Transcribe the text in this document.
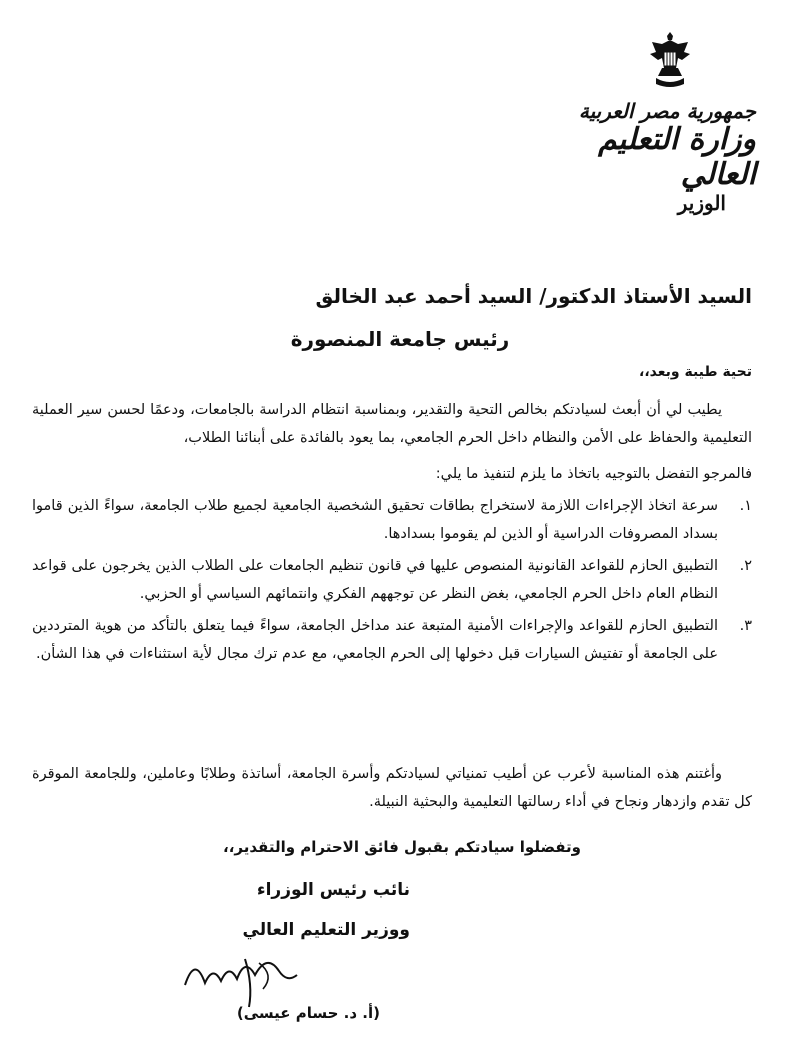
جمهورية مصر العربية
وزارة التعليم العالي
الوزير
السيد الأستاذ الدكتور/ السيد أحمد عبد الخالق
رئيس جامعة المنصورة
تحية طيبة وبعد،،
يطيب لي أن أبعث لسيادتكم بخالص التحية والتقدير، وبمناسبة انتظام الدراسة بالجامعات، ودعمًا لحسن سير العملية التعليمية والحفاظ على الأمن والنظام داخل الحرم الجامعي، بما يعود بالفائدة على أبنائنا الطلاب،
فالمرجو التفضل بالتوجيه باتخاذ ما يلزم لتنفيذ ما يلي:
١.
سرعة اتخاذ الإجراءات اللازمة لاستخراج بطاقات تحقيق الشخصية الجامعية لجميع طلاب الجامعة، سواءً الذين قاموا بسداد المصروفات الدراسية أو الذين لم يقوموا بسدادها.
٢.
التطبيق الحازم للقواعد القانونية المنصوص عليها في قانون تنظيم الجامعات على الطلاب الذين يخرجون على قواعد النظام العام داخل الحرم الجامعي، بغض النظر عن توجههم الفكري وانتمائهم السياسي أو الحزبي.
٣.
التطبيق الحازم للقواعد والإجراءات الأمنية المتبعة عند مداخل الجامعة، سواءً فيما يتعلق بالتأكد من هوية المترددين على الجامعة أو تفتيش السيارات قبل دخولها إلى الحرم الجامعي، مع عدم ترك مجال لأية استثناءات في هذا الشأن.
وأغتنم هذه المناسبة لأعرب عن أطيب تمنياتي لسيادتكم وأسرة الجامعة، أساتذة وطلابًا وعاملين، وللجامعة الموقرة كل تقدم وازدهار ونجاح في أداء رسالتها التعليمية والبحثية النبيلة.
وتفضلوا سيادتكم بقبول فائق الاحترام والتقدير،،
نائب رئيس الوزراء
ووزير التعليم العالي
(أ. د. حسام عيسى)
